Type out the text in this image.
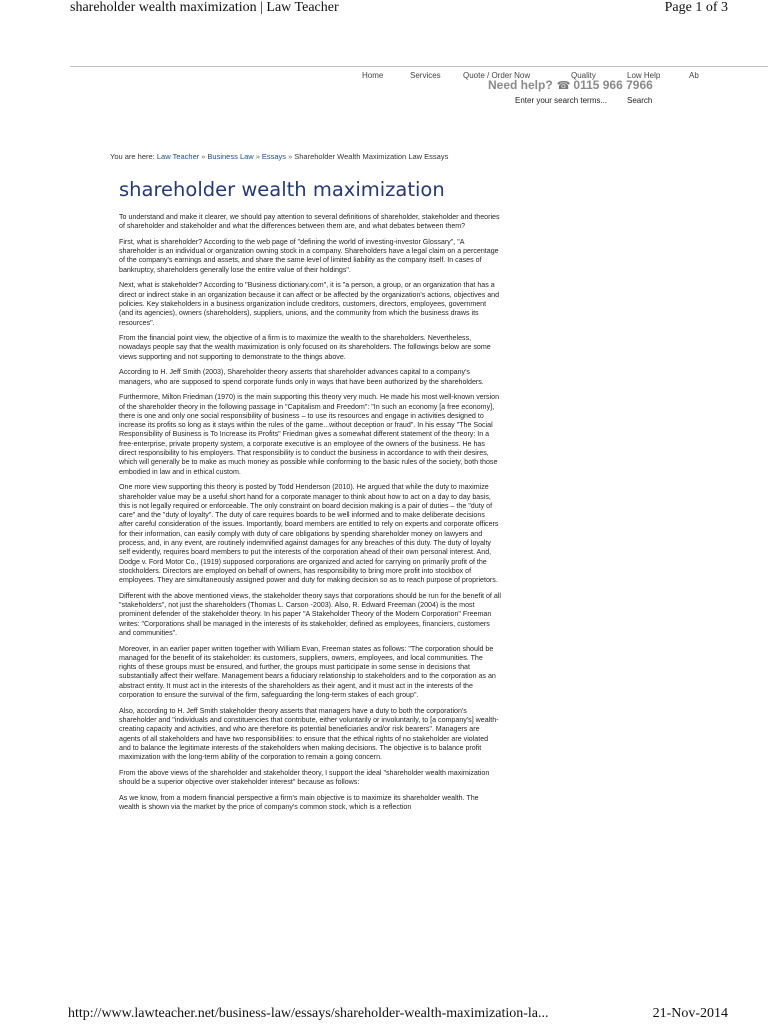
shareholder wealth maximization | Law Teacher	Page 1 of 3
Home	Services	Quote / Order Now	Quality	Low Help	Ab
Need help? ☎ 0115 966 7966
Enter your search terms... Search
You are here: Law Teacher » Business Law » Essays » Shareholder Wealth Maximization Law Essays
shareholder wealth maximization

To understand and make it clearer, we should pay attention to several definitions of shareholder, stakeholder and theories of shareholder and stakeholder and what the differences between them are, and what debates between them?

First, what is shareholder? According to the web page of "defining the world of investing-investor Glossary", "A shareholder is an individual or organization owning stock in a company. Shareholders have a legal claim on a percentage of the company's earnings and assets, and share the same level of limited liability as the company itself. In cases of bankruptcy, shareholders generally lose the entire value of their holdings".

Next, what is stakeholder? According to "Business dictionary.com", it is "a person, a group, or an organization that has a direct or indirect stake in an organization because it can affect or be affected by the organization's actions, objectives and policies. Key stakeholders in a business organization include creditors, customers, directors, employees, government (and its agencies), owners (shareholders), suppliers, unions, and the community from which the business draws its resources".

From the financial point view, the objective of a firm is to maximize the wealth to the shareholders. Nevertheless, nowadays people say that the wealth maximization is only focused on its shareholders. The followings below are some views supporting and not supporting to demonstrate to the things above.

According to H. Jeff Smith (2003), Shareholder theory asserts that shareholder advances capital to a company's managers, who are supposed to spend corporate funds only in ways that have been authorized by the shareholders.

Furthermore, Milton Friedman (1970) is the main supporting this theory very much. He made his most well-known version of the shareholder theory in the following passage in "Capitalism and Freedom": "In such an economy [a free economy], there is one and only one social responsibility of business – to use its resources and engage in activities designed to increase its profits so long as it stays within the rules of the game...without deception or fraud". In his essay "The Social Responsibility of Business is To Increase its Profits" Friedman gives a somewhat different statement of the theory: In a free-enterprise, private property system, a corporate executive is an employee of the owners of the business. He has direct responsibility to his employers. That responsibility is to conduct the business in accordance to with their desires, which will generally be to make as much money as possible while conforming to the basic rules of the society, both those embodied in law and in ethical custom.

One more view supporting this theory is posted by Todd Henderson (2010). He argued that while the duty to maximize shareholder value may be a useful short hand for a corporate manager to think about how to act on a day to day basis, this is not legally required or enforceable. The only constraint on board decision making is a pair of duties – the "duty of care" and the "duty of loyalty". The duty of care requires boards to be well informed and to make deliberate decisions after careful consideration of the issues. Importantly, board members are entitled to rely on experts and corporate officers for their information, can easily comply with duty of care obligations by spending shareholder money on lawyers and process, and, in any event, are routinely indemnified against damages for any breaches of this duty. The duty of loyalty self evidently, requires board members to put the interests of the corporation ahead of their own personal interest. And, Dodge v. Ford Motor Co., (1919) supposed corporations are organized and acted for carrying on primarily profit of the stockholders. Directors are employed on behalf of owners, has responsibility to bring more profit into stockbox of employees. They are simultaneously assigned power and duty for making decision so as to reach purpose of proprietors.

Different with the above mentioned views, the stakeholder theory says that corporations should be run for the benefit of all "stakeholders", not just the shareholders (Thomas L. Carson -2003). Also, R. Edward Freeman (2004) is the most prominent defender of the stakeholder theory. In his paper "A Stakeholder Theory of the Modern Corporation" Freeman writes: "Corporations shall be managed in the interests of its stakeholder, defined as employees, financiers, customers and communities".

Moreover, in an earlier paper written together with William Evan, Freeman states as follows: "The corporation should be managed for the benefit of its stakeholder: its customers, suppliers, owners, employees, and local communities. The rights of these groups must be ensured, and further, the groups must participate in some sense in decisions that substantially affect their welfare. Management bears a fiduciary relationship to stakeholders and to the corporation as an abstract entity. It must act in the interests of the shareholders as their agent, and it must act in the interests of the corporation to ensure the survival of the firm, safeguarding the long-term stakes of each group".

Also, according to H. Jeff Smith stakeholder theory asserts that managers have a duty to both the corporation's shareholder and "individuals and constituencies that contribute, either voluntarily or involuntarily, to [a company's] wealth-creating capacity and activities, and who are therefore its potential beneficiaries and/or risk bearers". Managers are agents of all stakeholders and have two responsibilities: to ensure that the ethical rights of no stakeholder are violated and to balance the legitimate interests of the stakeholders when making decisions. The objective is to balance profit maximization with the long-term ability of the corporation to remain a going concern.

From the above views of the shareholder and stakeholder theory, I support the ideal "shareholder wealth maximization should be a superior objective over stakeholder interest" because as follows:

As we know, from a modern financial perspective a firm's main objective is to maximize its shareholder wealth. The wealth is shown via the market by the price of company's common stock, which is a reflection

http://www.lawteacher.net/business-law/essays/shareholder-wealth-maximization-la...	21-Nov-2014
